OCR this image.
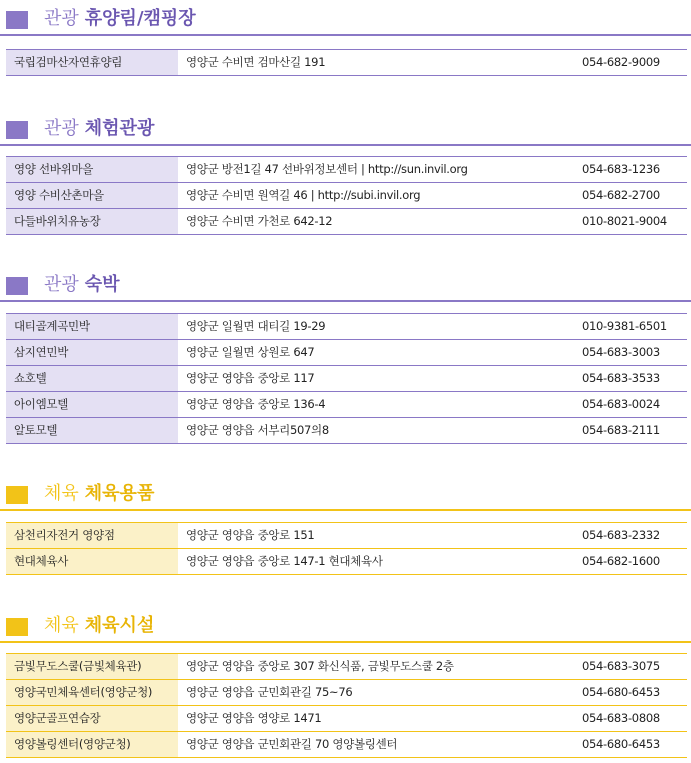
관광 휴양림/캠핑장
국립검마산자연휴양림	영양군 수비면 검마산길 191	054-682-9009
관광 체험관광
영양 선바위마을	영양군 방전1길 47 선바위정보센터 | http://sun.invil.org	054-683-1236
영양 수비산촌마을	영양군 수비면 원역길 46 | http://subi.invil.org	054-682-2700
다들바위치유농장	영양군 수비면 가천로 642-12	010-8021-9004
관광 숙박
대티골계곡민박	영양군 일월면 대티길 19-29	010-9381-6501
삼지연민박	영양군 일월면 상원로 647	054-683-3003
쇼호텔	영양군 영양읍 중앙로 117	054-683-3533
아이엠모텔	영양군 영양읍 중앙로 136-4	054-683-0024
알토모텔	영양군 영양읍 서부리507의8	054-683-2111
체육 체육용품
삼천리자전거 영양점	영양군 영양읍 중앙로 151	054-683-2332
현대체육사	영양군 영양읍 중앙로 147-1 현대체육사	054-682-1600
체육 체육시설
금빛무도스쿨(금빛체육관)	영양군 영양읍 중앙로 307 화신식품, 금빛무도스쿨 2층	054-683-3075
영양국민체육센터(영양군청)	영양군 영양읍 군민회관길 75~76	054-680-6453
영양군골프연습장	영양군 영양읍 영양로 1471	054-683-0808
영양볼링센터(영양군청)	영양군 영양읍 군민회관길 70 영양볼링센터	054-680-6453
